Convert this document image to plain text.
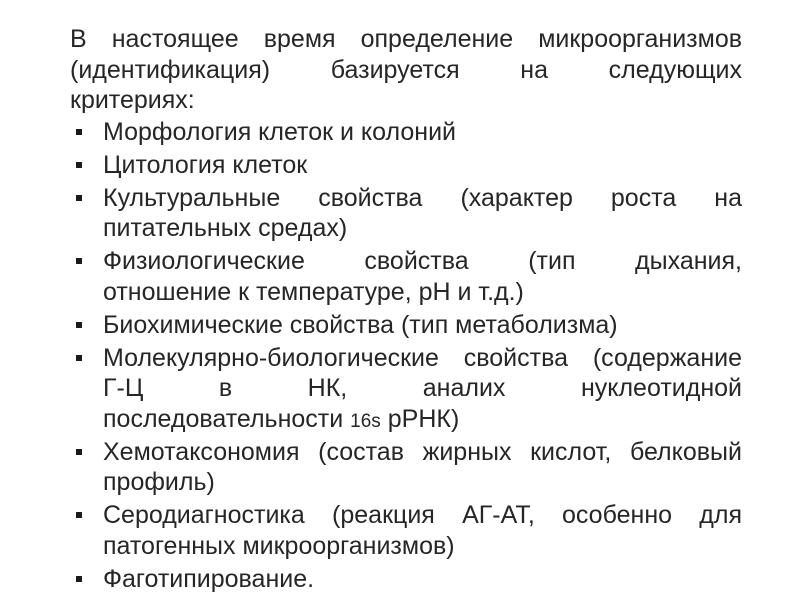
В настоящее время определение микроорганизмов
(идентификация) базируется на следующих
критериях:
Морфология клеток и колоний
Цитология клеток
Культуральные свойства (характер роста на
питательных средах)
Физиологические свойства (тип дыхания,
отношение к температуре, рН и т.д.)
Биохимические свойства (тип метаболизма)
Молекулярно-биологические свойства (содержание
Г-Ц в НК, аналих нуклеотидной
последовательности 16s рРНК)
Хемотаксономия (состав жирных кислот, белковый
профиль)
Серодиагностика (реакция АГ-АТ, особенно для
патогенных микроорганизмов)
Фаготипирование.
